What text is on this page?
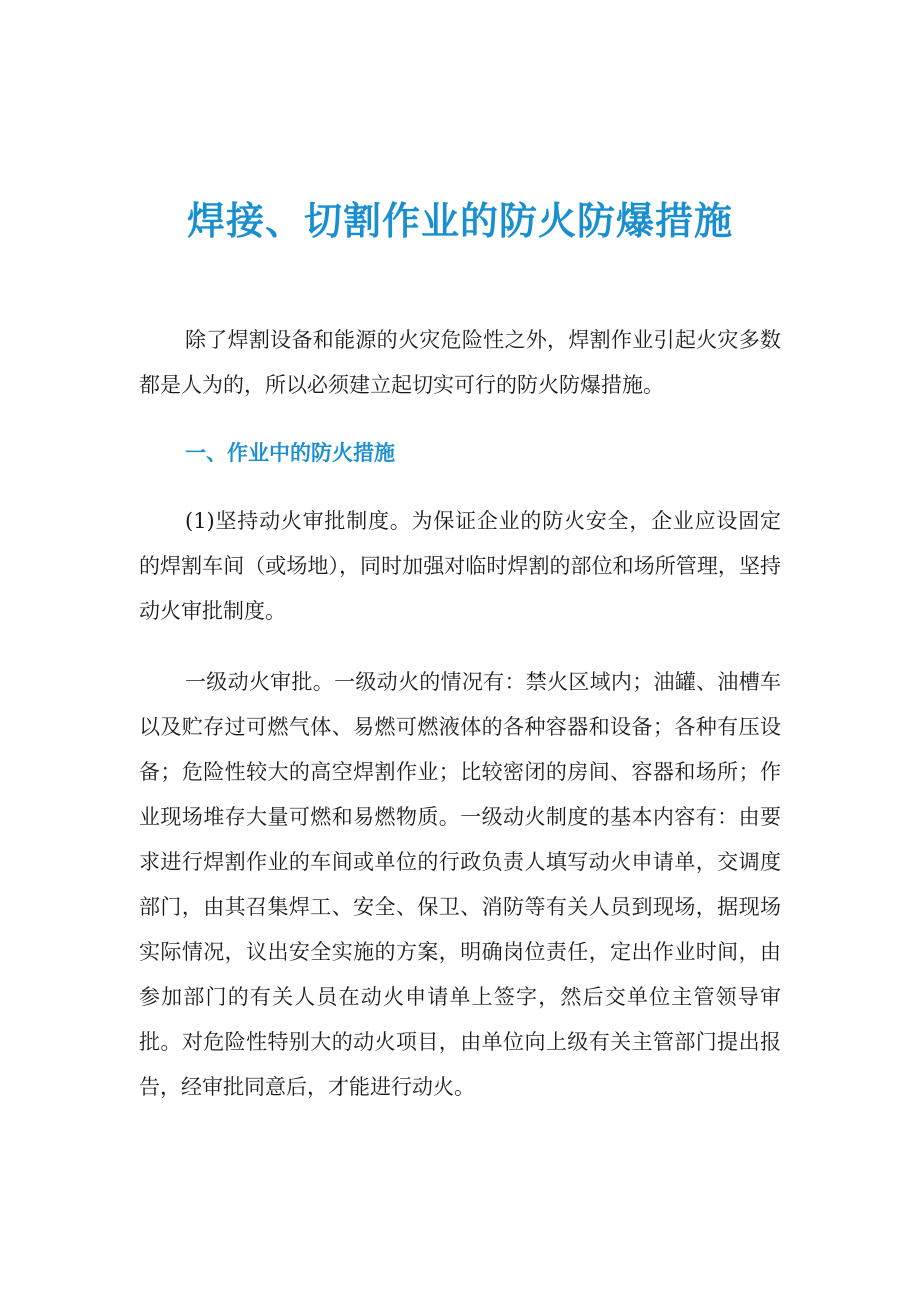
焊接、切割作业的防火防爆措施

除了焊割设备和能源的火灾危险性之外，焊割作业引起火灾多数都是人为的，所以必须建立起切实可行的防火防爆措施。

一、作业中的防火措施

(1)坚持动火审批制度。为保证企业的防火安全，企业应设固定的焊割车间（或场地），同时加强对临时焊割的部位和场所管理，坚持动火审批制度。

一级动火审批。一级动火的情况有：禁火区域内；油罐、油槽车以及贮存过可燃气体、易燃可燃液体的各种容器和设备；各种有压设备；危险性较大的高空焊割作业；比较密闭的房间、容器和场所；作业现场堆存大量可燃和易燃物质。一级动火制度的基本内容有：由要求进行焊割作业的车间或单位的行政负责人填写动火申请单，交调度部门，由其召集焊工、安全、保卫、消防等有关人员到现场，据现场实际情况，议出安全实施的方案，明确岗位责任，定出作业时间，由参加部门的有关人员在动火申请单上签字，然后交单位主管领导审批。对危险性特别大的动火项目，由单位向上级有关主管部门提出报告，经审批同意后，才能进行动火。
